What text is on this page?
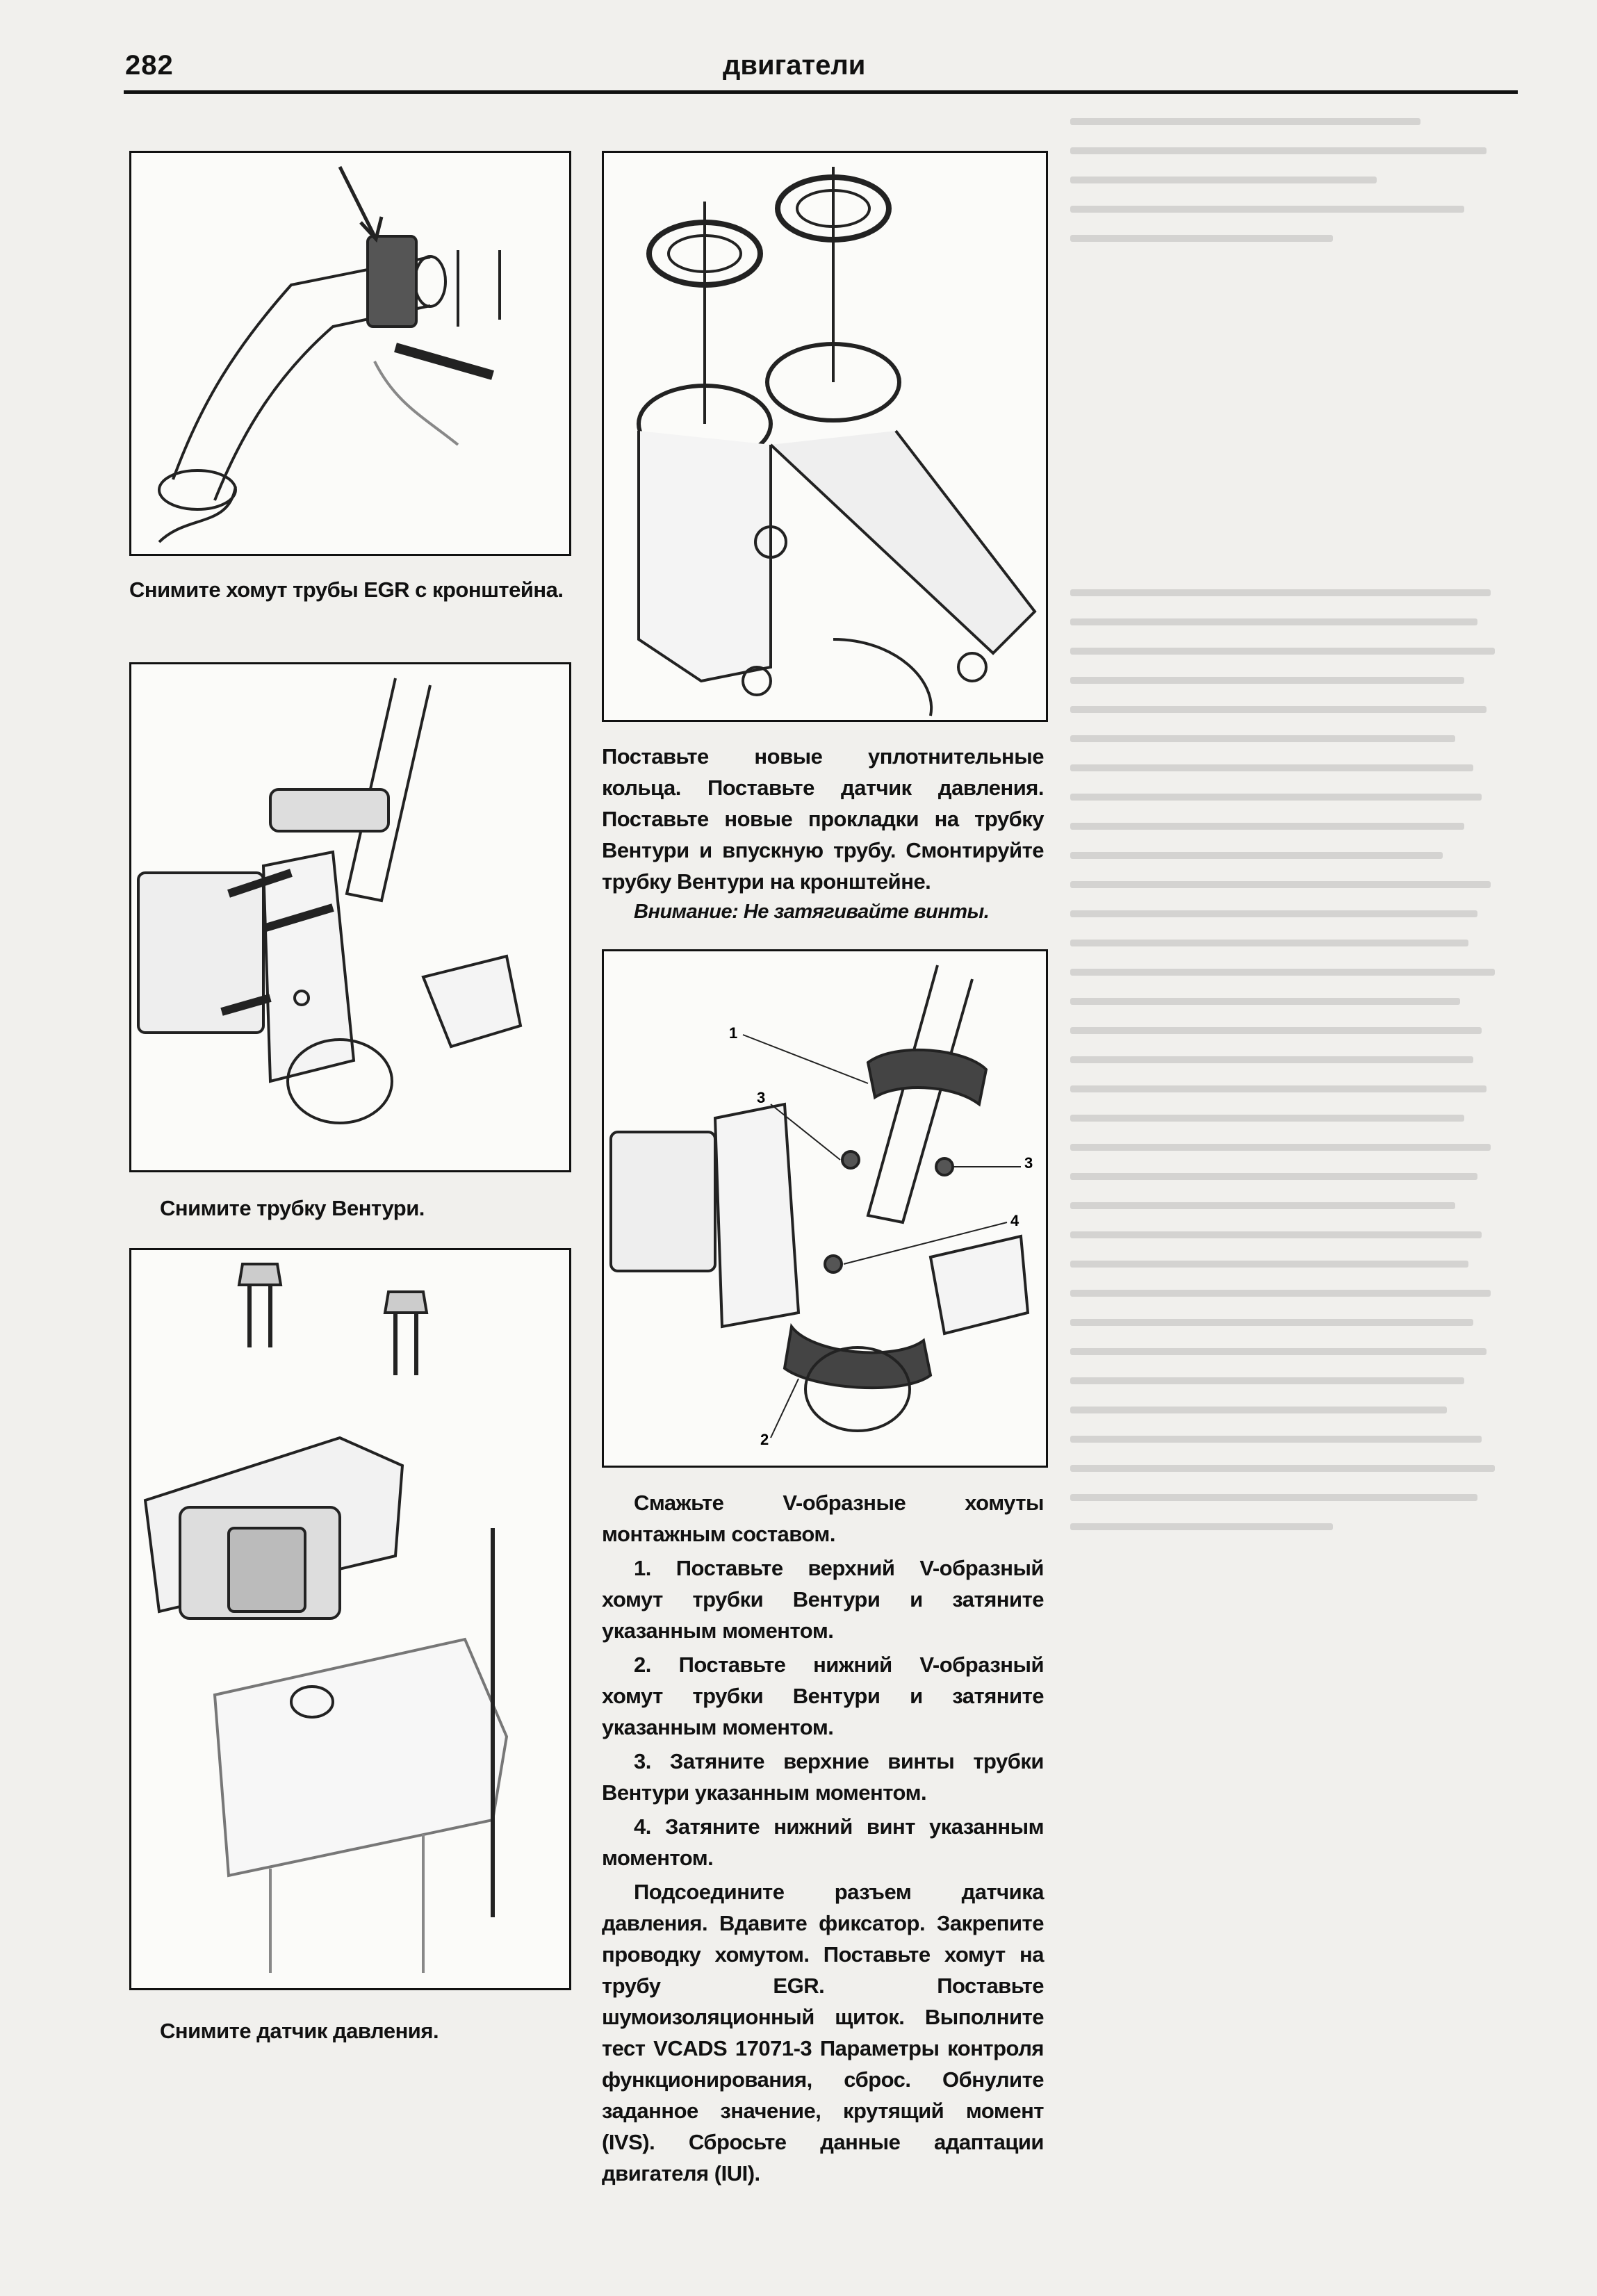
282	двигатели
Снимите хомут трубы EGR с кронштейна.
Снимите трубку Вентури.
Снимите датчик давления.
Поставьте новые уплотнительные кольца. Поставьте датчик давления. Поставьте новые прокладки на трубку Вентури и впускную трубу. Смонтируйте трубку Вентури на кронштейне.
Внимание: Не затягивайте винты.
1
3
3
4
2

Смажьте V-образные хомуты монтажным составом.

1. Поставьте верхний V-образный хомут трубки Вентури и затяните указанным моментом.

2. Поставьте нижний V-образный хомут трубки Вентури и затяните указанным моментом.

3. Затяните верхние винты трубки Вентури указанным моментом.

4. Затяните нижний винт указанным моментом.

Подсоедините разъем датчика давления. Вдавите фиксатор. Закрепите проводку хомутом. Поставьте хомут на трубу EGR. Поставьте шумоизоляционный щиток. Выполните тест VCADS 17071-3 Параметры контроля функционирования, сброс. Обнулите заданное значение, крутящий момент (IVS). Сбросьте данные адаптации двигателя (IUI).
